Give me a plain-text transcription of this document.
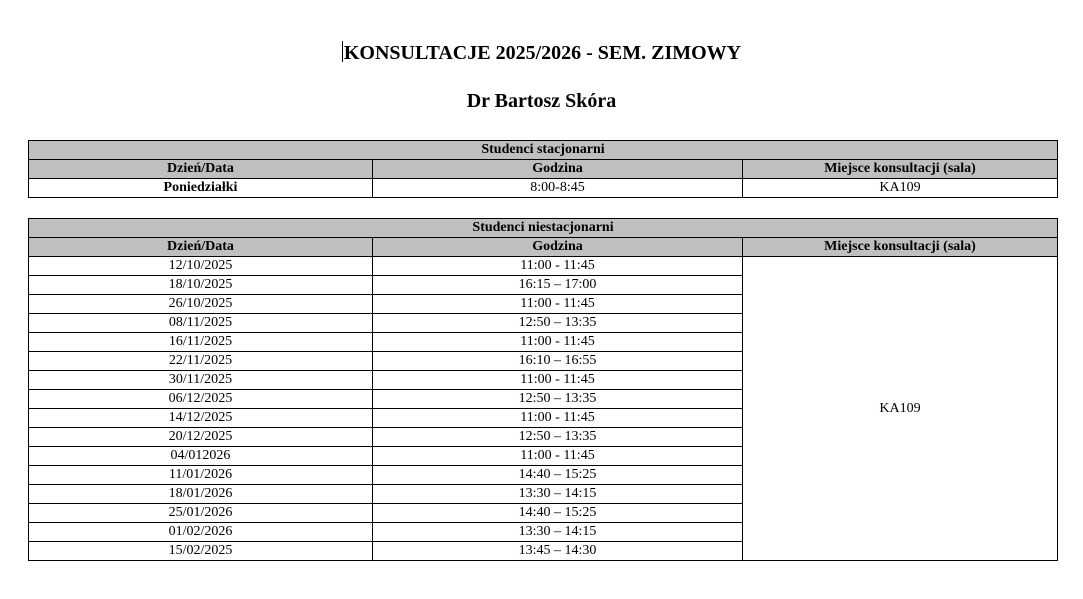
KONSULTACJE 2025/2026 - SEM. ZIMOWY
Dr Bartosz Skóra
Studenci stacjonarni		
Dzień/Data	Godzina	Miejsce konsultacji (sala)
Poniedziałki	8:00-8:45	KA109
Studenci niestacjonarni		
Dzień/Data	Godzina	Miejsce konsultacji (sala)
12/10/2025	11:00 - 11:45	KA109
18/10/2025	16:15 – 17:00	
26/10/2025	11:00 - 11:45	
08/11/2025	12:50 – 13:35	
16/11/2025	11:00 - 11:45	
22/11/2025	16:10 – 16:55	
30/11/2025	11:00 - 11:45	
06/12/2025	12:50 – 13:35	
14/12/2025	11:00 - 11:45	
20/12/2025	12:50 – 13:35	
04/012026	11:00 - 11:45	
11/01/2026	14:40 – 15:25	
18/01/2026	13:30 – 14:15	
25/01/2026	14:40 – 15:25	
01/02/2026	13:30 – 14:15	
15/02/2025	13:45 – 14:30	
